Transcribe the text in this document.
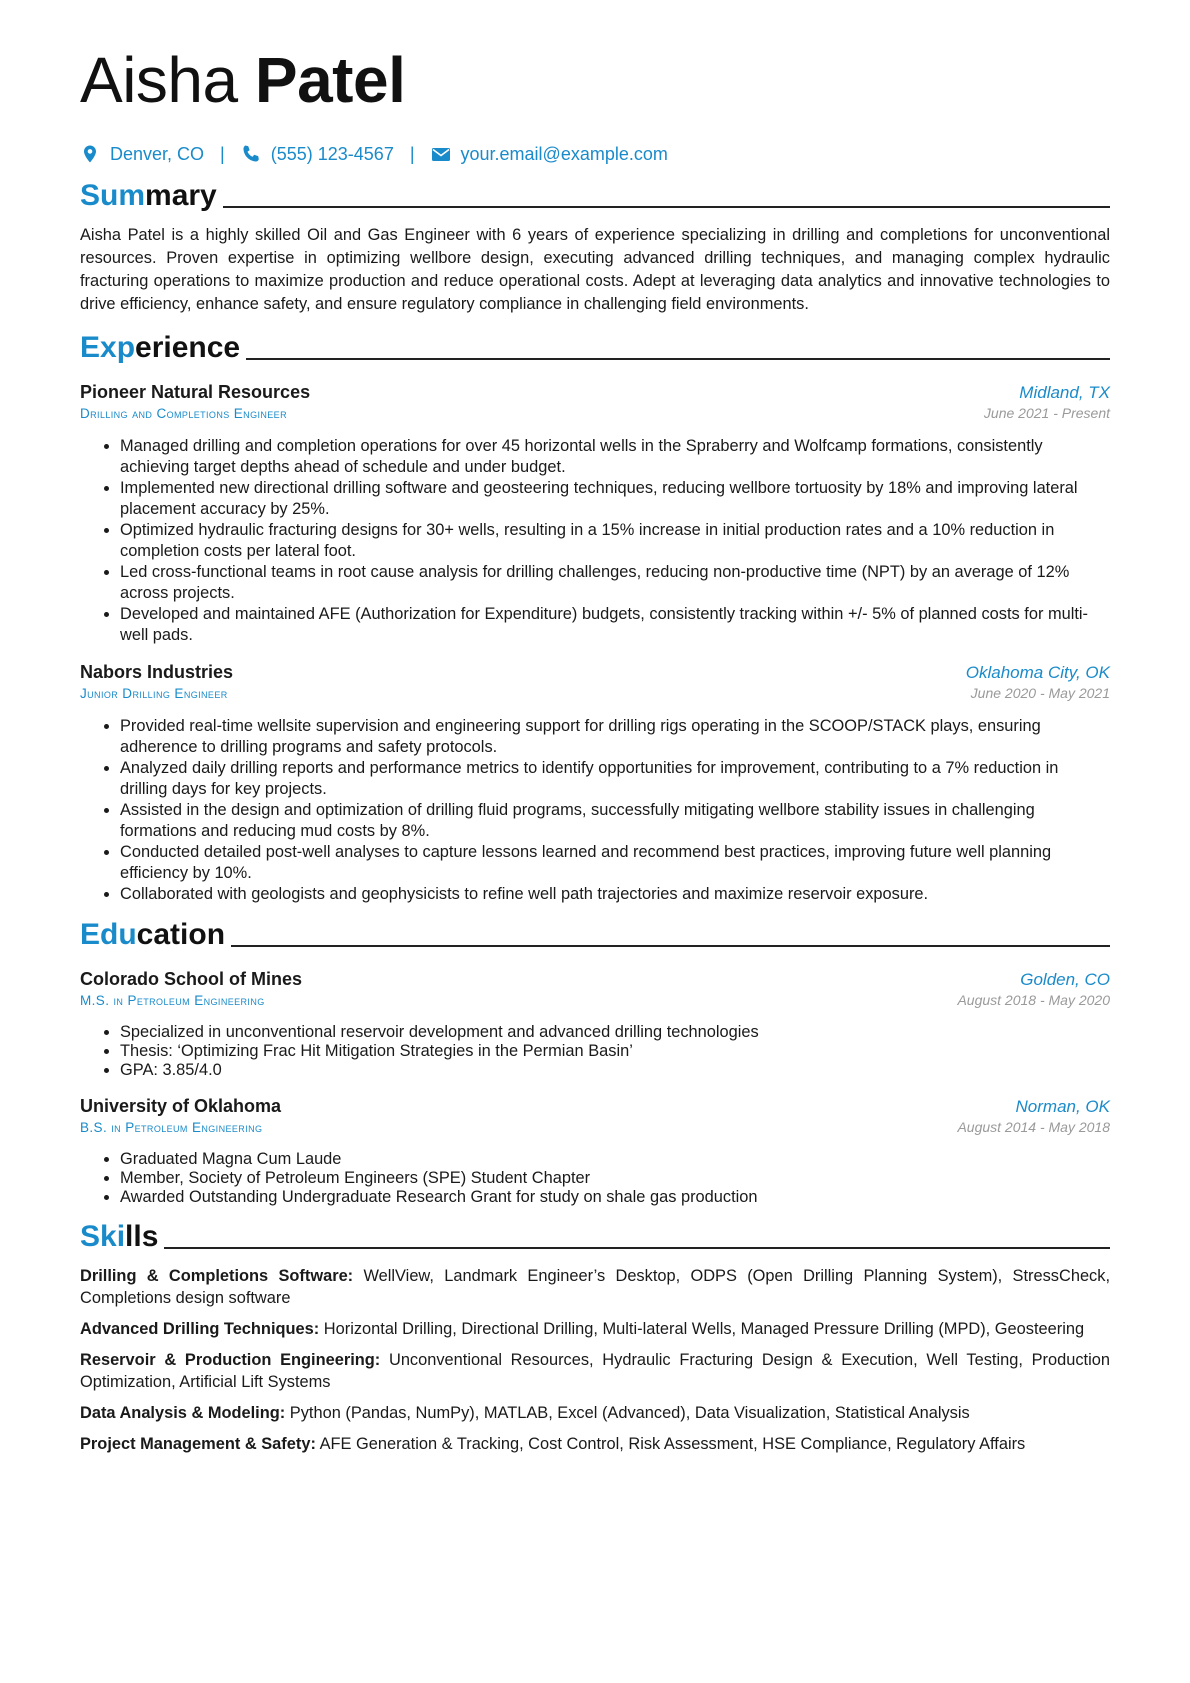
Aisha Patel
Denver, CO |	(555) 123-4567 |	your.email@example.com
Summary

Aisha Patel is a highly skilled Oil and Gas Engineer with 6 years of experience specializing in drilling and completions for unconventional resources. Proven expertise in optimizing wellbore design, executing advanced drilling techniques, and managing complex hydraulic fracturing operations to maximize production and reduce operational costs. Adept at leveraging data analytics and innovative technologies to drive efficiency, enhance safety, and ensure regulatory compliance in challenging field environments.

Experience
Pioneer Natural Resources	Midland, TX
Drilling and Completions Engineer	June 2021 - Present
• Managed drilling and completion operations for over 45 horizontal wells in the Spraberry and Wolfcamp formations, consistently achieving target depths ahead of schedule and under budget.
• Implemented new directional drilling software and geosteering techniques, reducing wellbore tortuosity by 18% and improving lateral placement accuracy by 25%.
• Optimized hydraulic fracturing designs for 30+ wells, resulting in a 15% increase in initial production rates and a 10% reduction in completion costs per lateral foot.
• Led cross-functional teams in root cause analysis for drilling challenges, reducing non-productive time (NPT) by an average of 12% across projects.
• Developed and maintained AFE (Authorization for Expenditure) budgets, consistently tracking within +/- 5% of planned costs for multi-well pads.
Nabors Industries	Oklahoma City, OK
Junior Drilling Engineer	June 2020 - May 2021
• Provided real-time wellsite supervision and engineering support for drilling rigs operating in the SCOOP/STACK plays, ensuring adherence to drilling programs and safety protocols.
• Analyzed daily drilling reports and performance metrics to identify opportunities for improvement, contributing to a 7% reduction in drilling days for key projects.
• Assisted in the design and optimization of drilling fluid programs, successfully mitigating wellbore stability issues in challenging formations and reducing mud costs by 8%.
• Conducted detailed post-well analyses to capture lessons learned and recommend best practices, improving future well planning efficiency by 10%.
• Collaborated with geologists and geophysicists to refine well path trajectories and maximize reservoir exposure.
Education
Colorado School of Mines	Golden, CO
M.S. in Petroleum Engineering	August 2018 - May 2020
• Specialized in unconventional reservoir development and advanced drilling technologies
• Thesis: ‘Optimizing Frac Hit Mitigation Strategies in the Permian Basin’
• GPA: 3.85/4.0
University of Oklahoma	Norman, OK
B.S. in Petroleum Engineering	August 2014 - May 2018
• Graduated Magna Cum Laude
• Member, Society of Petroleum Engineers (SPE) Student Chapter
• Awarded Outstanding Undergraduate Research Grant for study on shale gas production
Skills

Drilling & Completions Software: WellView, Landmark Engineer’s Desktop, ODPS (Open Drilling Planning System), StressCheck, Completions design software

Advanced Drilling Techniques: Horizontal Drilling, Directional Drilling, Multi-lateral Wells, Managed Pressure Drilling (MPD), Geosteering

Reservoir & Production Engineering: Unconventional Resources, Hydraulic Fracturing Design & Execution, Well Testing, Production Optimization, Artificial Lift Systems

Data Analysis & Modeling: Python (Pandas, NumPy), MATLAB, Excel (Advanced), Data Visualization, Statistical Analysis

Project Management & Safety: AFE Generation & Tracking, Cost Control, Risk Assessment, HSE Compliance, Regulatory Affairs
